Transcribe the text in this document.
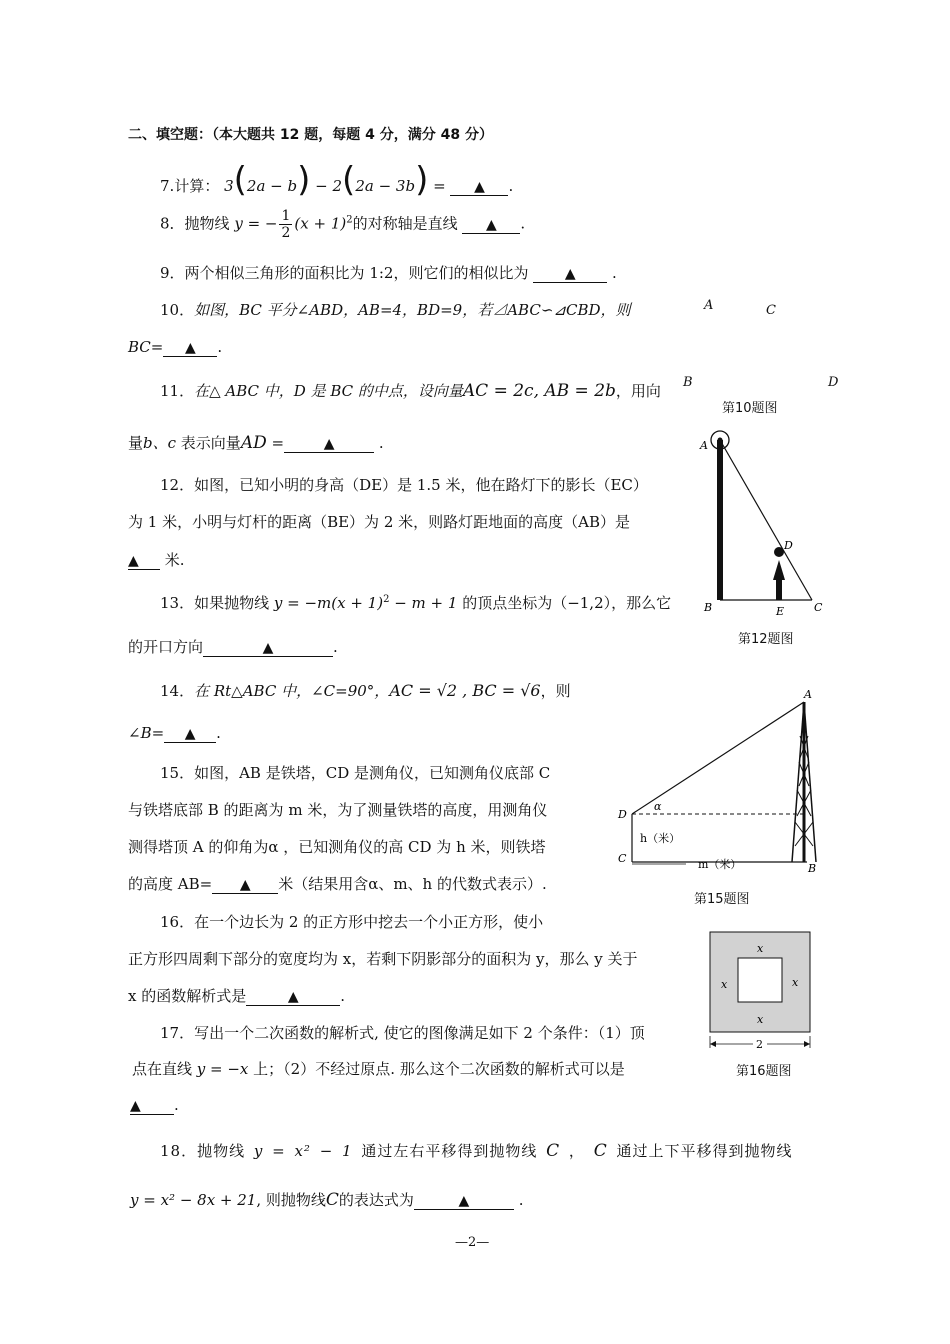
二、填空题：（本大题共 12 题，每题 4 分，满分 48 分）
7.计算： 3(2a − b) − 2(2a − 3b) = ▲ .
8．抛物线 y = − $\frac{1}{2} (x + 1)^2$的对称轴是直线 ▲ .
9．两个相似三角形的面积比为 1:2，则它们的相似比为	▲ .
10．如图，BC 平分∠ABD，AB=4，BD=9，若⊿ABC∽⊿CBD，则
BC= ▲ .
11．在△ ABC 中，D 是 BC 的中点，设向量AC = 2c, AB = 2b，用向
量b、c 表示向量AD =	▲	.
12．如图，已知小明的身高（DE）是 1.5 米，他在路灯下的影长（EC）
为 1 米，小明与灯杆的距离（BE）为 2 米，则路灯距地面的高度（AB）是
▲ 米.
13．如果抛物线 $y = -m(x + 1)^2 - m + 1$ 的顶点坐标为（−1,2），那么它
的开口方向	▲	.
14．在 Rt△ABC 中，∠C=90°，AC = √2 , BC = √6，则
∠B= ▲ .
15．如图，AB 是铁塔，CD 是测角仪，已知测角仪底部 C
与铁塔底部 B 的距离为 m 米，为了测量铁塔的高度，用测角仪
测得塔顶 A 的仰角为α ，已知测角仪的高 CD 为 h 米，则铁塔
的高度 AB= ▲ 米（结果用含α、m、h 的代数式表示）.
16．在一个边长为 2 的正方形中挖去一个小正方形，使小
正方形四周剩下部分的宽度均为 x，若剩下阴影部分的面积为 y，那么 y 关于
x 的函数解析式是	▲	.
17．写出一个二次函数的解析式, 使它的图像满足如下 2 个条件：（1）顶
点在直线 y = −x 上；（2）不经过原点. 那么这个二次函数的解析式可以是
▲ .
18．抛物线 y = x² − 1 通过左右平移得到抛物线 C ， C 通过上下平移得到抛物线
y = x² − 8x + 21, 则抛物线C的表达式为	▲	.
A	C
B	D
第10题图
A
D
B	E	C
第12题图
D
C
A
B
α
h（米）
m（米）
第15题图
x
x
x	x
2
第16题图
—2—
